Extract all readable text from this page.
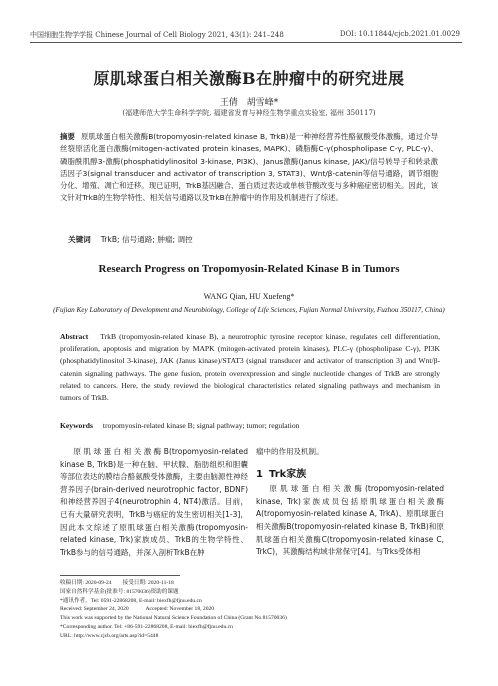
中国细胞生物学学报 Chinese Journal of Cell Biology 2021, 43(1): 241–248	DOI: 10.11844/cjcb.2021.01.0029
原肌球蛋白相关激酶B在肿瘤中的研究进展
王倩　胡雪峰*
(福建师范大学生命科学学院, 福建省发育与神经生物学重点实验室, 福州 350117)
摘要 原肌球蛋白相关激酶B(tropomyosin-related kinase B, TrkB)是一种神经营养性酪氨酸受体激酶，通过介导丝裂原活化蛋白激酶(mitogen-activated protein kinases, MAPK)、磷脂酶C-γ(phospholipase C-γ, PLC-γ)、磷脂酰肌醇3-激酶(phosphatidylinositol 3-kinase, PI3K)、Janus激酶(Janus kinase, JAK)/信号转导子和转录激活因子3(signal transducer and activator of transcription 3, STAT3)、Wnt/β-catenin等信号通路，调节细胞分化、增殖、凋亡和迁移。现已证明，TrkB基因融合、蛋白质过表达或单核苷酸改变与多种癌症密切相关。因此，该文针对TrkB的生物学特性、相关信号通路以及TrkB在肿瘤中的作用及机制进行了综述。
关键词 TrkB; 信号通路; 肿瘤; 调控
Research Progress on Tropomyosin-Related Kinase B in Tumors
WANG Qian, HU Xuefeng*
(Fujian Key Laboratory of Development and Neurobiology, College of Life Sciences, Fujian Normal University, Fuzhou 350117, China)
Abstract TrkB (tropomyosin-related kinase B), a neurotrophic tyrosine receptor kinase, regulates cell differentiation, proliferation, apoptosis and migration by MAPK (mitogen-activated protein kinases), PLC-γ (phospholipase C-γ), PI3K (phosphatidylinositol 3-kinase), JAK (Janus kinase)/STAT3 (signal transducer and activator of transcription 3) and Wnt/β-catenin signaling pathways. The gene fusion, protein overexpression and single nucleotide changes of TrkB are strongly related to cancers. Here, the study reviewd the biological characteristics related signaling pathways and mechanism in tumors of TrkB.
Keywords tropomyosin-related kinase B; signal pathway; tumor; regulation

原肌球蛋白相关激酶B(tropomyosin-related kinase B, TrkB)是一种在脑、甲状腺、脂肪组织和胆囊等部位表达的膜结合酪氨酸受体激酶，主要由脑源性神经营养因子(brain-derived neurotrophic factor, BDNF)和神经营养因子4(neurotrophin 4, NT4)激活。目前，已有大量研究表明，TrkB与癌症的发生密切相关[1-3]，因此本文综述了原肌球蛋白相关激酶(tropomyosin-related kinase, Trk)家族成员、TrkB的生物学特性、TrkB参与的信号通路，并深入剖析TrkB在肿

瘤中的作用及机制。

1 Trk家族

原肌球蛋白相关激酶(tropomyosin-related kinase, Trk)家族成员包括原肌球蛋白相关激酶A(tropomyosin-related kinase A, TrkA)、原肌球蛋白相关激酶B(tropomyosin-related kinase B, TrkB)和原肌球蛋白相关激酶C(tropomyosin-related kinase C, TrkC)，其激酶结构域非常保守[4]。与Trks受体相

收稿日期: 2020-09-24　　接受日期: 2020-11-18
国家自然科学基金(批准号: 81570036)资助的课题
*通讯作者。Tel: 0591-22868208, E-mail: biexfh@fjnu.edu.cn
Received: September 24, 2020　　　Accepted: November 18, 2020
This work was supported by the National Natural Science Foundation of China (Grant No.81570036)
*Corresponding author. Tel: +86-591-22868208, E-mail: biexfh@fjnu.edu.cn
URL: http://www.cjcb.org/arts.asp?id=5448
